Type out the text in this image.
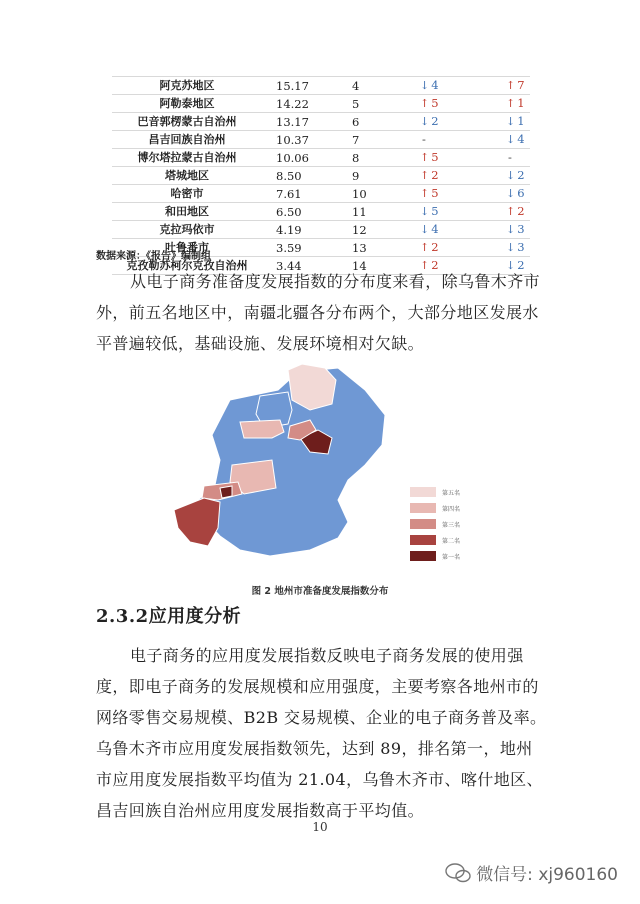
阿克苏地区	15.17	4	↓ 4	↑ 7
阿勒泰地区	14.22	5	↑ 5	↑ 1
巴音郭楞蒙古自治州	13.17	6	↓ 2	↓ 1
昌吉回族自治州	10.37	7	-	↓ 4
博尔塔拉蒙古自治州	10.06	8	↑ 5	-
塔城地区	8.50	9	↑ 2	↓ 2
哈密市	7.61	10	↑ 5	↓ 6
和田地区	6.50	11	↓ 5	↑ 2
克拉玛依市	4.19	12	↓ 4	↓ 3
吐鲁番市	3.59	13	↑ 2	↓ 3
克孜勒苏柯尔克孜自治州	3.44	14	↑ 2	↓ 2
数据来源：《报告》编制组

从电子商务准备度发展指数的分布度来看，除乌鲁木齐市外，前五名地区中，南疆北疆各分布两个，大部分地区发展水平普遍较低，基础设施、发展环境相对欠缺。

第五名
第四名
第三名
第二名
第一名
图 2 地州市准备度发展指数分布
2.3.2应用度分析

电子商务的应用度发展指数反映电子商务发展的使用强度，即电子商务的发展规模和应用强度，主要考察各地州市的网络零售交易规模、B2B 交易规模、企业的电子商务普及率。乌鲁木齐市应用度发展指数领先，达到 89，排名第一，地州市应用度发展指数平均值为 21.04，乌鲁木齐市、喀什地区、昌吉回族自治州应用度发展指数高于平均值。

10
微信号: xj960160
